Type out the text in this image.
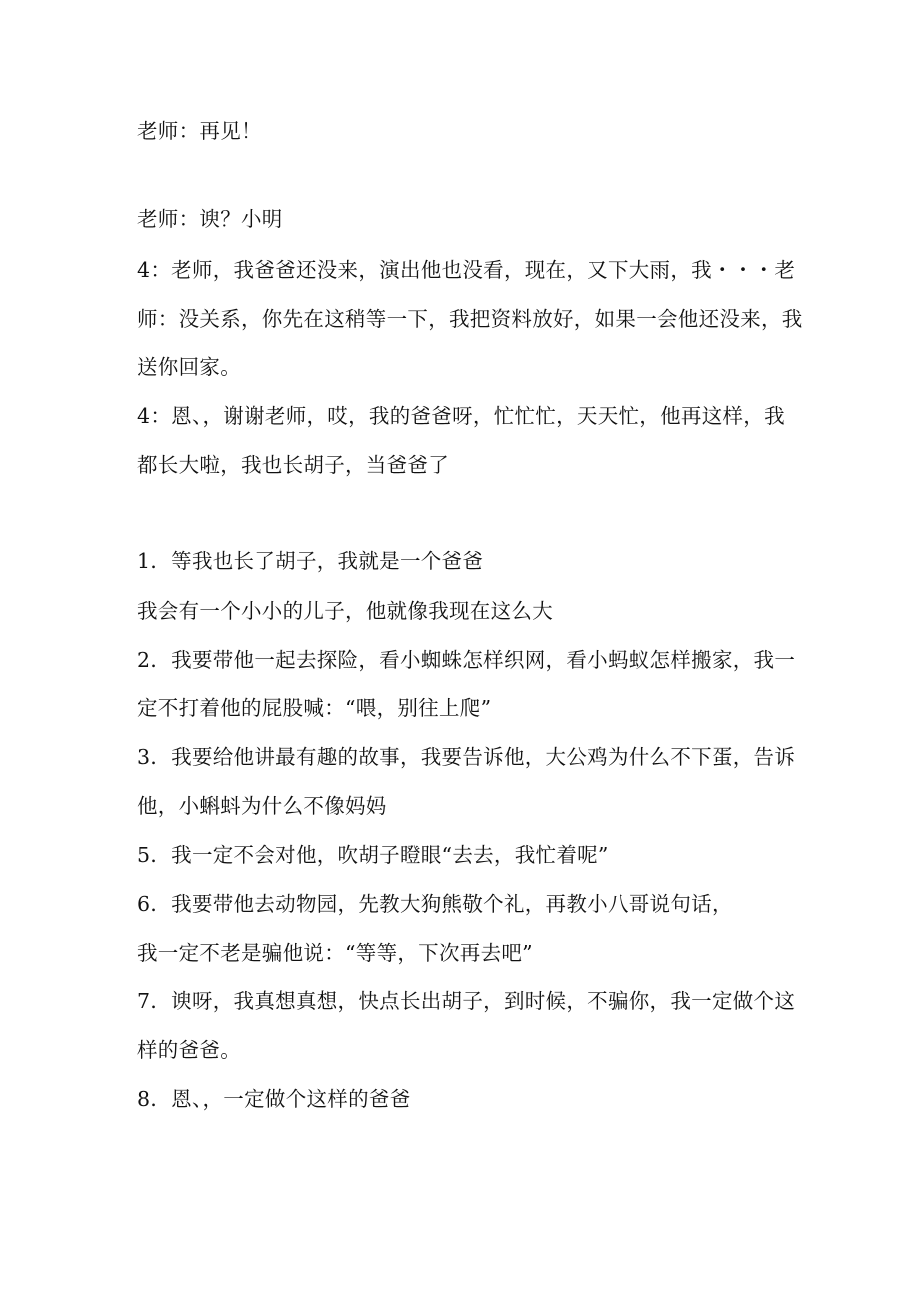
老师：再见！
老师：谀？小明
4：老师，我爸爸还没来，演出他也没看，现在，又下大雨，我・・・老
师：没关系，你先在这稍等一下，我把资料放好，如果一会他还没来，我
送你回家。
4：恩、，谢谢老师，哎，我的爸爸呀，忙忙忙，天天忙，他再这样，我
都长大啦，我也长胡子，当爸爸了
1．等我也长了胡子，我就是一个爸爸
我会有一个小小的儿子，他就像我现在这么大
2．我要带他一起去探险，看小蜘蛛怎样织网，看小蚂蚁怎样搬家，我一
定不打着他的屁股喊：“喂，别往上爬”
3．我要给他讲最有趣的故事，我要告诉他，大公鸡为什么不下蛋，告诉
他，小蝌蚪为什么不像妈妈
5．我一定不会对他，吹胡子瞪眼“去去，我忙着呢”
6．我要带他去动物园，先教大狗熊敬个礼，再教小八哥说句话，
我一定不老是骗他说：“等等，下次再去吧”
7．谀呀，我真想真想，快点长出胡子，到时候，不骗你，我一定做个这
样的爸爸。
8．恩、，一定做个这样的爸爸
